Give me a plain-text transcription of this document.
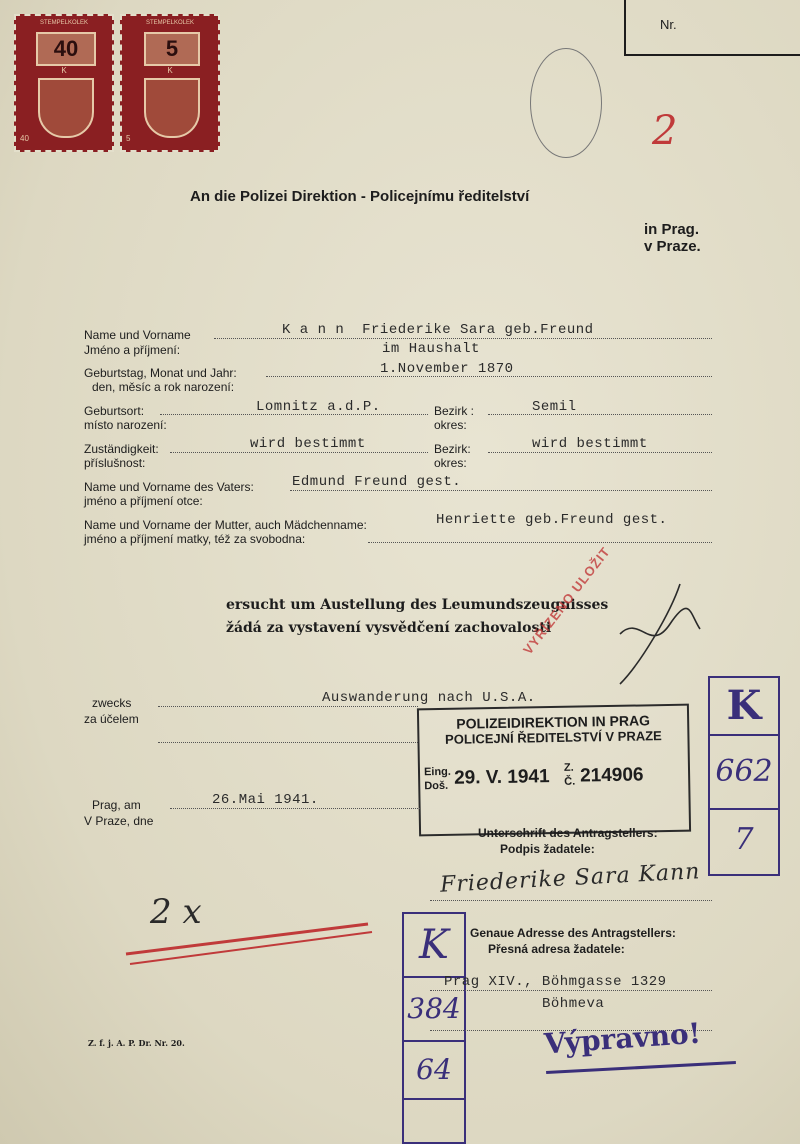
STEMPELKOLEK
40
K
40
STEMPELKOLEK
5
K
5
Nr.
2
An die Polizei Direktion - Policejnímu ředitelství
in Prag.
v Praze.
Name und Vorname
Jméno a příjmení:
K a n n  Friederike Sara geb.Freund
im Haushalt
Geburtstag, Monat und Jahr:
den, měsíc a rok narození:
1.November 1870
Geburtsort:
místo narození:
Lomnitz a.d.P.	Bezirk :
okres:
Semil
Zuständigkeit:
příslušnost:
wird bestimmt	Bezirk:
okres:
wird bestimmt
Name und Vorname des Vaters:
jméno a příjmení otce:
Edmund Freund gest.
Name und Vorname der Mutter, auch Mädchenname:
jméno a příjmení matky, též za svobodna:
Henriette geb.Freund gest.
ersucht um Austellung des Leumundszeugnisses
žádá za vystavení vysvědčení zachovalosti
VYŘÍZENO ULOŽIT
zwecks
za účelem
Auswanderung nach U.S.A.
POLIZEIDIREKTION IN PRAG
POLICEJNÍ ŘEDITELSTVÍ V PRAZE
Eing.
Doš. 29. V. 1941 Z.
Č. 214906
K
662
7
Prag, am
V Praze, dne
26.Mai 1941.
Unterschrift des Antragstellers:
Podpis žadatele:
Friederike Sara Kann
2 x
K
384
64
Genaue Adresse des Antragstellers:
Přesná adresa žadatele:
Prag XIV., Böhmgasse 1329
Böhmeva
Výpravno!
Z. f. j. A. P. Dr. Nr. 20.
